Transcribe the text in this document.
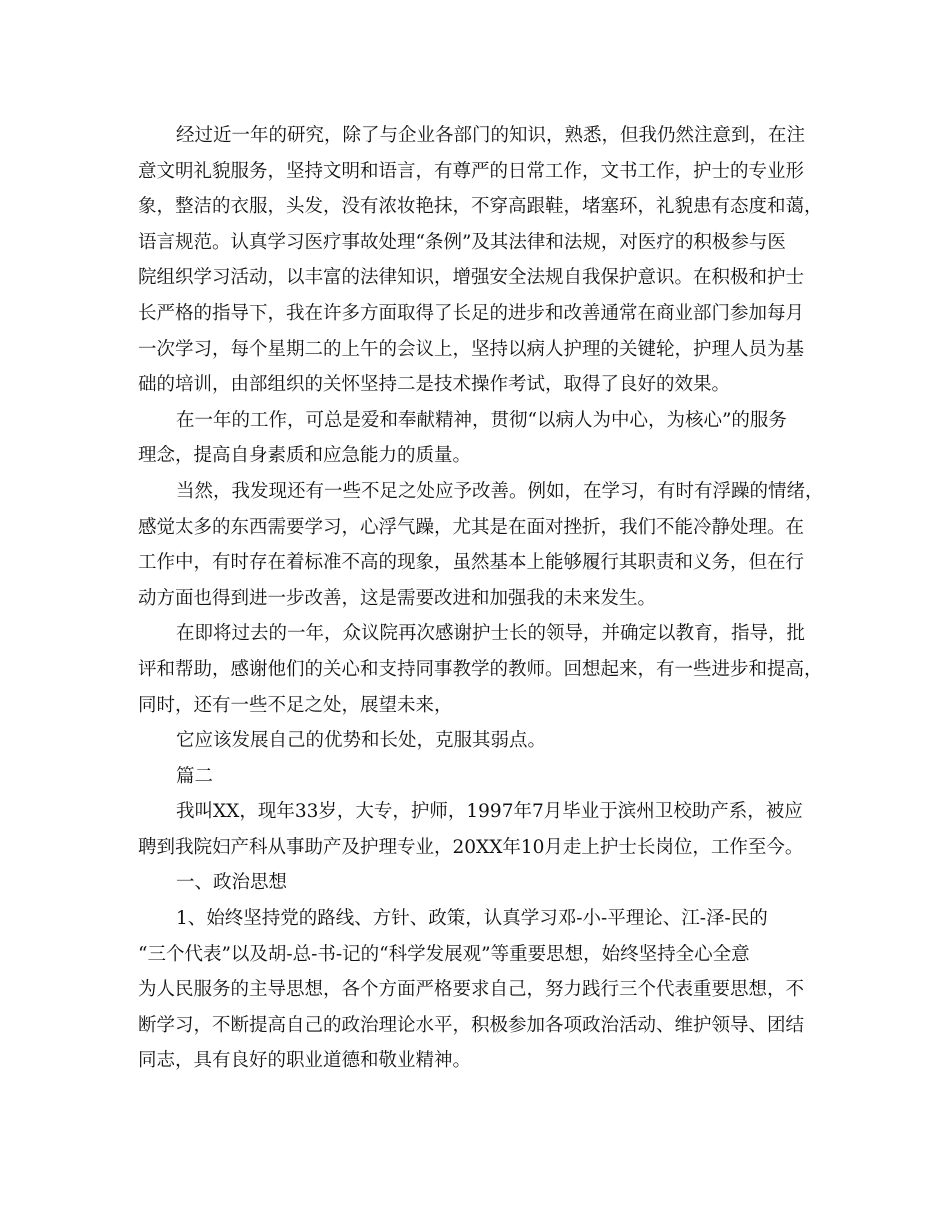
经过近一年的研究，除了与企业各部门的知识，熟悉，但我仍然注意到，在注
意文明礼貌服务，坚持文明和语言，有尊严的日常工作，文书工作，护士的专业形
象，整洁的衣服，头发，没有浓妆艳抹，不穿高跟鞋，堵塞环，礼貌患有态度和蔼，
语言规范。认真学习医疗事故处理“条例”及其法律和法规，对医疗的积极参与医
院组织学习活动，以丰富的法律知识，增强安全法规自我保护意识。在积极和护士
长严格的指导下，我在许多方面取得了长足的进步和改善通常在商业部门参加每月
一次学习，每个星期二的上午的会议上，坚持以病人护理的关键轮，护理人员为基
础的培训，由部组织的关怀坚持二是技术操作考试，取得了良好的效果。
在一年的工作，可总是爱和奉献精神，贯彻“以病人为中心，为核心”的服务
理念，提高自身素质和应急能力的质量。
当然，我发现还有一些不足之处应予改善。例如，在学习，有时有浮躁的情绪，
感觉太多的东西需要学习，心浮气躁，尤其是在面对挫折，我们不能冷静处理。在
工作中，有时存在着标准不高的现象，虽然基本上能够履行其职责和义务，但在行
动方面也得到进一步改善，这是需要改进和加强我的未来发生。
在即将过去的一年，众议院再次感谢护士长的领导，并确定以教育，指导，批
评和帮助，感谢他们的关心和支持同事教学的教师。回想起来，有一些进步和提高，
同时，还有一些不足之处，展望未来，
它应该发展自己的优势和长处，克服其弱点。
篇二
我叫XX，现年33岁，大专，护师，1997年7月毕业于滨州卫校助产系，被应
聘到我院妇产科从事助产及护理专业，20XX年10月走上护士长岗位，工作至今。
一、政治思想
1、始终坚持党的路线、方针、政策，认真学习邓-小-平理论、江-泽-民的
“三个代表”以及胡-总-书-记的“科学发展观”等重要思想，始终坚持全心全意
为人民服务的主导思想，各个方面严格要求自己，努力践行三个代表重要思想，不
断学习，不断提高自己的政治理论水平，积极参加各项政治活动、维护领导、团结
同志，具有良好的职业道德和敬业精神。
